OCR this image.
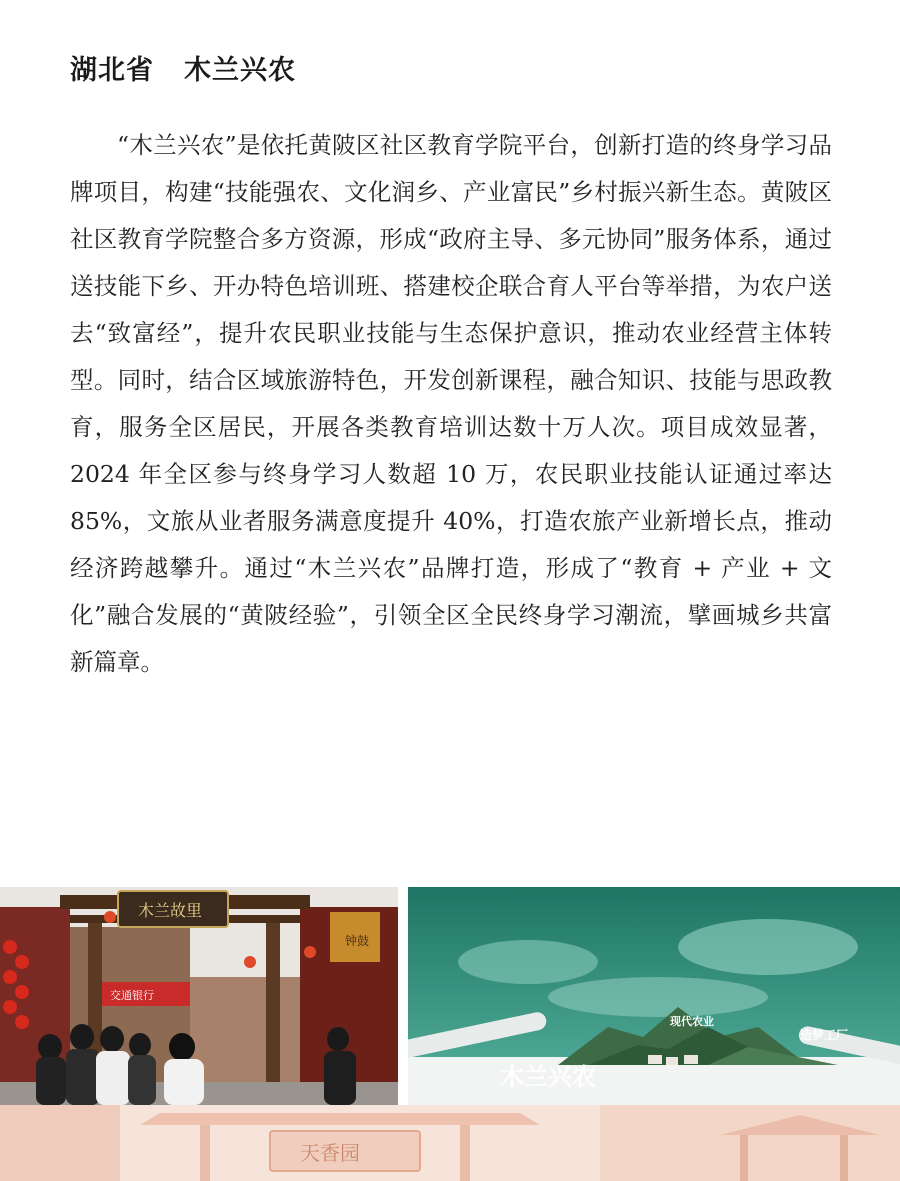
湖北省 木兰兴农

“木兰兴农”是依托黄陂区社区教育学院平台，创新打造的终身学习品牌项目，构建“技能强农、文化润乡、产业富民”乡村振兴新生态。黄陂区社区教育学院整合多方资源，形成“政府主导、多元协同”服务体系，通过送技能下乡、开办特色培训班、搭建校企联合育人平台等举措，为农户送去“致富经”，提升农民职业技能与生态保护意识，推动农业经营主体转型。同时，结合区域旅游特色，开发创新课程，融合知识、技能与思政教育，服务全区居民，开展各类教育培训达数十万人次。项目成效显著，2024 年全区参与终身学习人数超 10 万，农民职业技能认证通过率达 85%，文旅从业者服务满意度提升 40%，打造农旅产业新增长点，推动经济跨越攀升。通过“木兰兴农”品牌打造，形成了“教育 + 产业 + 文化”融合发展的“黄陂经验”，引领全区全民终身学习潮流，擘画城乡共富新篇章。

交通银行
钟鼓
木兰故里
现代农业
造梦工厂
木兰兴农
天香园
